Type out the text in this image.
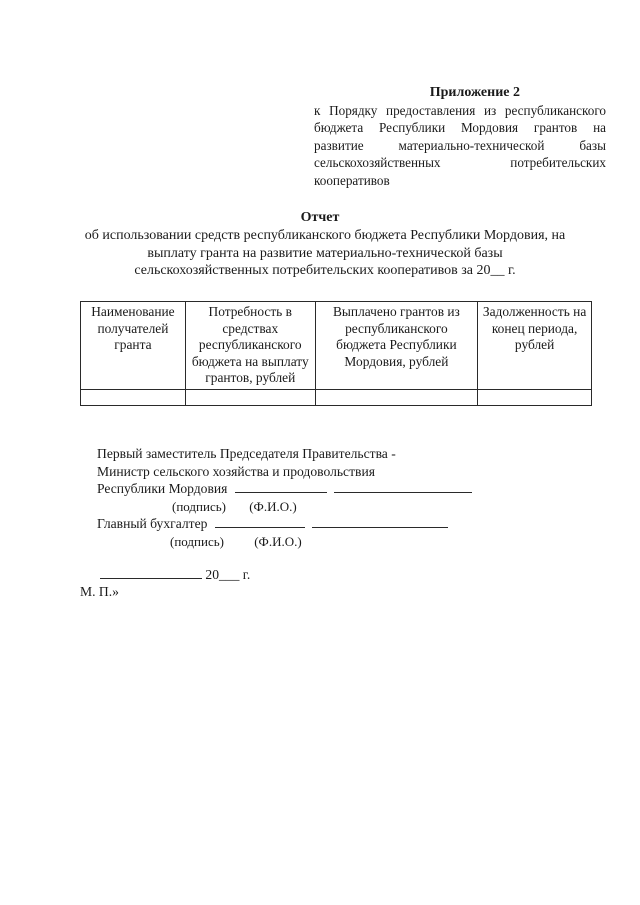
Приложение 2
к Порядку предоставления из республиканского бюджета Республики Мордовия грантов на развитие материально-технической базы сельскохозяйственных потребительских кооперативов
Отчет
об использовании средств республиканского бюджета Республики Мордовия, на
выплату гранта на развитие материально-технической базы
сельскохозяйственных потребительских кооперативов за 20__ г.
Наименование получателей гранта	Потребность в средствах республиканского бюджета на выплату грантов, рублей	Выплачено грантов из республиканского бюджета Республики Мордовия, рублей	Задолженность на конец периода, рублей

Первый заместитель Председателя Правительства -
Министр сельского хозяйства и продовольствия
Республики Мордовия
(подпись) (Ф.И.О.)
Главный бухгалтер
(подпись) (Ф.И.О.)
20___ г.
М. П.»
